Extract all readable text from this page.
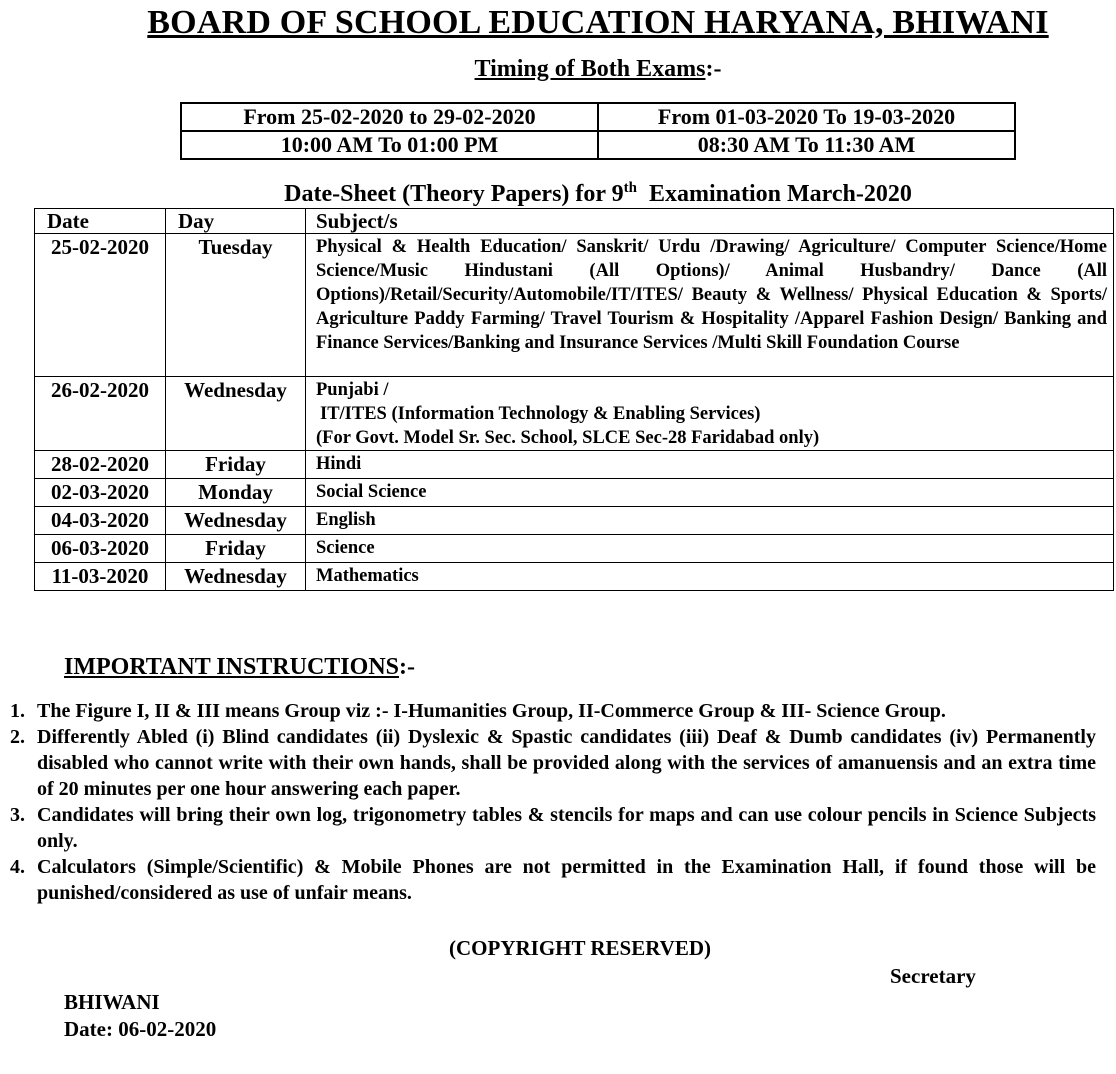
BOARD OF SCHOOL EDUCATION HARYANA, BHIWANI
Timing of Both Exams:-
From 25-02-2020 to 29-02-2020	From 01-03-2020 To 19-03-2020
10:00 AM To 01:00 PM	08:30 AM To 11:30 AM
Date-Sheet (Theory Papers) for 9th Examination March-2020
Date	Day	Subject/s
25-02-2020	Tuesday	Physical & Health Education/ Sanskrit/ Urdu /Drawing/ Agriculture/ Computer Science/Home Science/Music Hindustani (All Options)/ Animal Husbandry/ Dance (All Options)/Retail/Security/Automobile/IT/ITES/ Beauty & Wellness/ Physical Education & Sports/ Agriculture Paddy Farming/ Travel Tourism & Hospitality /Apparel Fashion Design/ Banking and Finance Services/Banking and Insurance Services /Multi Skill Foundation Course
26-02-2020	Wednesday	Punjabi /
IT/ITES (Information Technology & Enabling Services)
(For Govt. Model Sr. Sec. School, SLCE Sec-28 Faridabad only)

28-02-2020	Friday	Hindi
02-03-2020	Monday	Social Science
04-03-2020	Wednesday	English
06-03-2020	Friday	Science
11-03-2020	Wednesday	Mathematics
IMPORTANT INSTRUCTIONS:-
1. The Figure I, II & III means Group viz :- I-Humanities Group, II-Commerce Group & III- Science Group.
2. Differently Abled (i) Blind candidates (ii) Dyslexic & Spastic candidates (iii) Deaf & Dumb candidates (iv) Permanently disabled who cannot write with their own hands, shall be provided along with the services of amanuensis and an extra time of 20 minutes per one hour answering each paper.
3. Candidates will bring their own log, trigonometry tables & stencils for maps and can use colour pencils in Science Subjects only.
4. Calculators (Simple/Scientific) & Mobile Phones are not permitted in the Examination Hall, if found those will be punished/considered as use of unfair means.
(COPYRIGHT RESERVED)
Secretary
BHIWANI
Date: 06-02-2020
